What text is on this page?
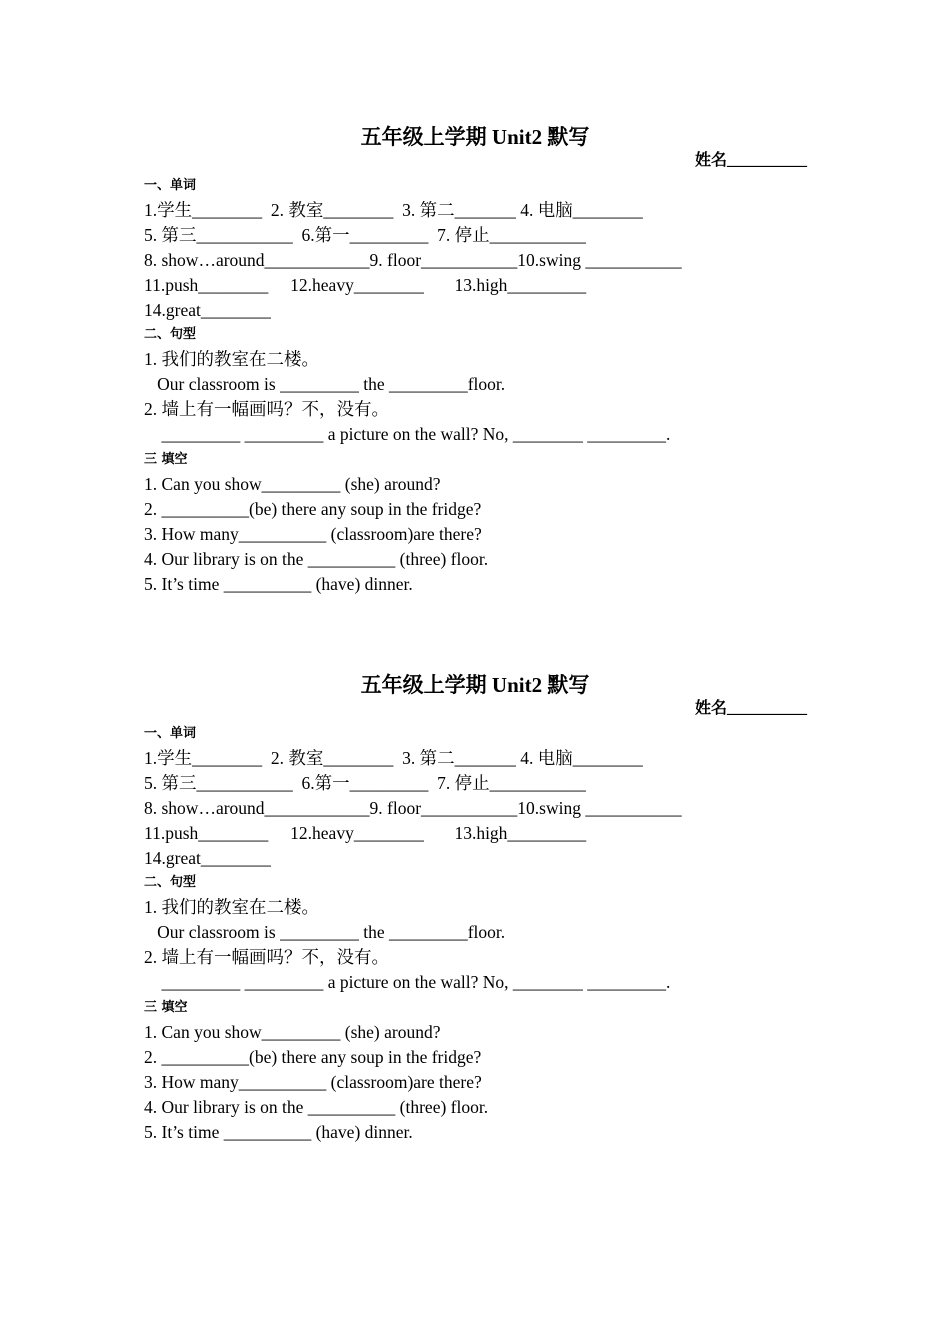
五年级上学期 Unit2 默写
姓名__________
一、单词
1.学生________  2. 教室________  3. 第二_______ 4. 电脑________
5. 第三___________  6.第一_________  7. 停止___________
8. show…around____________9. floor___________10.swing ___________
11.push________     12.heavy________       13.high_________
14.great________
二、句型
1. 我们的教室在二楼。
Our classroom is _________ the _________floor.
2. 墙上有一幅画吗？不，没有。
_________ _________ a picture on the wall? No, ________ _________.
三 填空
1. Can you show_________ (she) around?
2. __________(be) there any soup in the fridge?
3. How many__________ (classroom)are there?
4. Our library is on the __________ (three) floor.
5. It’s time __________ (have) dinner.
五年级上学期 Unit2 默写
姓名__________
一、单词
1.学生________  2. 教室________  3. 第二_______ 4. 电脑________
5. 第三___________  6.第一_________  7. 停止___________
8. show…around____________9. floor___________10.swing ___________
11.push________     12.heavy________       13.high_________
14.great________
二、句型
1. 我们的教室在二楼。
Our classroom is _________ the _________floor.
2. 墙上有一幅画吗？不，没有。
_________ _________ a picture on the wall? No, ________ _________.
三 填空
1. Can you show_________ (she) around?
2. __________(be) there any soup in the fridge?
3. How many__________ (classroom)are there?
4. Our library is on the __________ (three) floor.
5. It’s time __________ (have) dinner.
